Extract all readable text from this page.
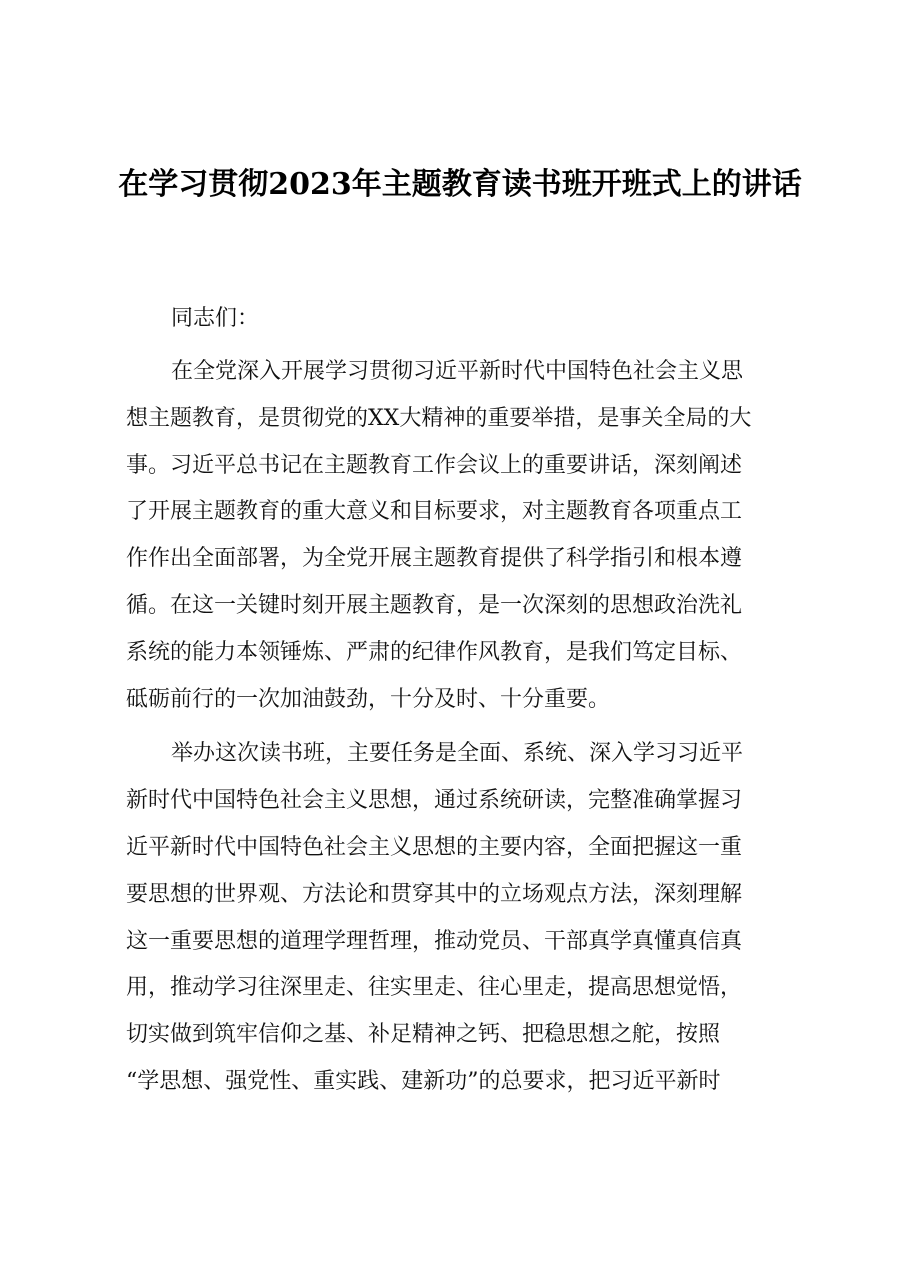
在学习贯彻2023年主题教育读书班开班式上的讲话

同志们：

在全党深入开展学习贯彻习近平新时代中国特色社会主义思
想主题教育，是贯彻党的XX大精神的重要举措，是事关全局的大
事。习近平总书记在主题教育工作会议上的重要讲话，深刻阐述
了开展主题教育的重大意义和目标要求，对主题教育各项重点工
作作出全面部署，为全党开展主题教育提供了科学指引和根本遵
循。在这一关键时刻开展主题教育，是一次深刻的思想政治洗礼
系统的能力本领锤炼、严肃的纪律作风教育，是我们笃定目标、
砥砺前行的一次加油鼓劲，十分及时、十分重要。

举办这次读书班，主要任务是全面、系统、深入学习习近平
新时代中国特色社会主义思想，通过系统研读，完整准确掌握习
近平新时代中国特色社会主义思想的主要内容，全面把握这一重
要思想的世界观、方法论和贯穿其中的立场观点方法，深刻理解
这一重要思想的道理学理哲理，推动党员、干部真学真懂真信真
用，推动学习往深里走、往实里走、往心里走，提高思想觉悟，
切实做到筑牢信仰之基、补足精神之钙、把稳思想之舵，按照
“学思想、强党性、重实践、建新功”的总要求，把习近平新时
